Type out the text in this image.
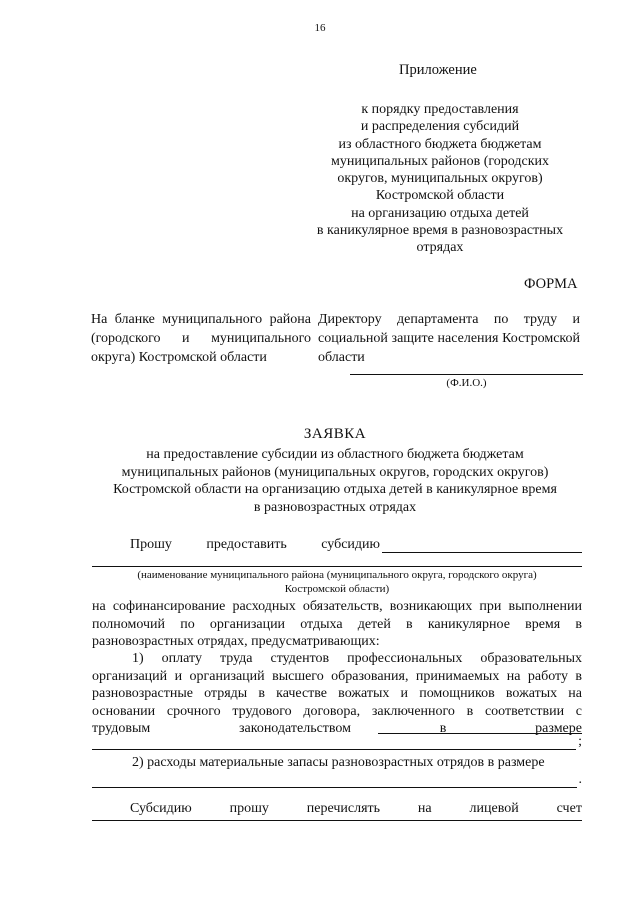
16
Приложение
к порядку предоставления
и распределения субсидий
из областного бюджета бюджетам
муниципальных районов (городских
округов, муниципальных округов)
Костромской области
на организацию отдыха детей
в каникулярное время в разновозрастных
отрядах
ФОРМА
На бланке муниципального района (городского и муниципального округа) Костромской области
Директору департамента по труду и социальной защите населения Костромской области
(Ф.И.О.)
ЗАЯВКА
на предоставление субсидии из областного бюджета бюджетам
муниципальных районов (муниципальных округов, городских округов)
Костромской области на организацию отдыха детей в каникулярное время
в разновозрастных отрядах
Прошу предоставить субсидию
(наименование муниципального района (муниципального округа, городского округа)
Костромской области)
на софинансирование расходных обязательств, возникающих при выполнении полномочий по организации отдыха детей в каникулярное время в разновозрастных отрядах, предусматривающих:
1) оплату труда студентов профессиональных образовательных организаций и организаций высшего образования, принимаемых на работу в разновозрастные отряды в качестве вожатых и помощников вожатых на основании срочного трудового договора, заключенного в соответствии с трудовым законодательством в размере
;
2) расходы материальные запасы разновозрастных отрядов в размере
.
Субсидию	прошу	перечислять	на	лицевой	счет
